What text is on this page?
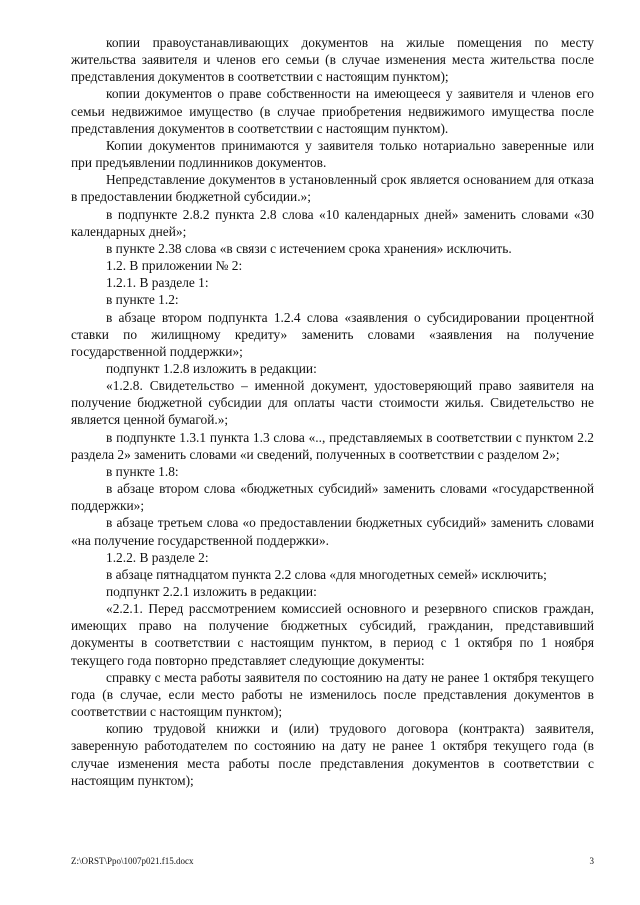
копии правоустанавливающих документов на жилые помещения по месту жительства заявителя и членов его семьи (в случае изменения места жительства после представления документов в соответствии с настоящим пунктом);

копии документов о праве собственности на имеющееся у заявителя и членов его семьи недвижимое имущество (в случае приобретения недвижимого имущества после представления документов в соответствии с настоящим пунктом).

Копии документов принимаются у заявителя только нотариально заверенные или при предъявлении подлинников документов.

Непредставление документов в установленный срок является основанием для отказа в предоставлении бюджетной субсидии.»;

в подпункте 2.8.2 пункта 2.8 слова «10 календарных дней» заменить словами «30 календарных дней»;

в пункте 2.38 слова «в связи с истечением срока хранения» исключить.

1.2. В приложении № 2:

1.2.1. В разделе 1:

в пункте 1.2:

в абзаце втором подпункта 1.2.4 слова «заявления о субсидировании процентной ставки по жилищному кредиту» заменить словами «заявления на получение государственной поддержки»;

подпункт 1.2.8 изложить в редакции:

«1.2.8. Свидетельство – именной документ, удостоверяющий право заявителя на получение бюджетной субсидии для оплаты части стоимости жилья. Свидетельство не является ценной бумагой.»;

в подпункте 1.3.1 пункта 1.3 слова «.., представляемых в соответствии с пунктом 2.2 раздела 2» заменить словами «и сведений, полученных в соответствии с разделом 2»;

в пункте 1.8:

в абзаце втором слова «бюджетных субсидий» заменить словами «государственной поддержки»;

в абзаце третьем слова «о предоставлении бюджетных субсидий» заменить словами «на получение государственной поддержки».

1.2.2. В разделе 2:

в абзаце пятнадцатом пункта 2.2 слова «для многодетных семей» исключить;

подпункт 2.2.1 изложить в редакции:

«2.2.1. Перед рассмотрением комиссией основного и резервного списков граждан, имеющих право на получение бюджетных субсидий, гражданин, представивший документы в соответствии с настоящим пунктом, в период с 1 октября по 1 ноября текущего года повторно представляет следующие документы:

справку с места работы заявителя по состоянию на дату не ранее 1 октября текущего года (в случае, если место работы не изменилось после представления документов в соответствии с настоящим пунктом);

копию трудовой книжки и (или) трудового договора (контракта) заявителя, заверенную работодателем по состоянию на дату не ранее 1 октября текущего года (в случае изменения места работы после представления документов в соответствии с настоящим пунктом);

Z:\ORST\Ppo\1007p021.f15.docx	3
